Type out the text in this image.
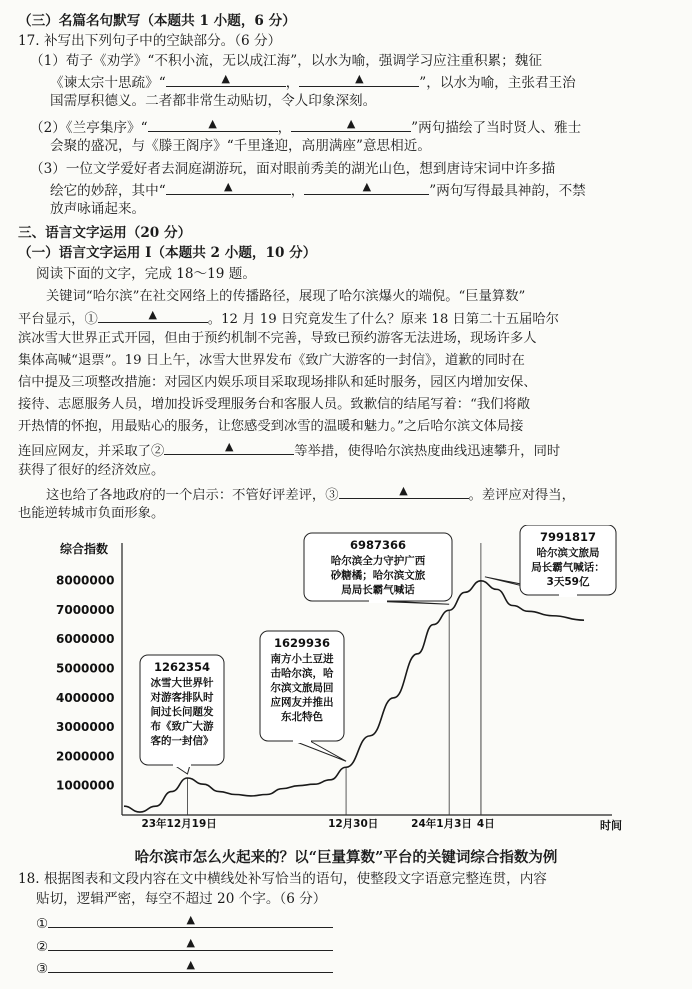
（三）名篇名句默写（本题共 1 小题，6 分）
17. 补写出下列句子中的空缺部分。（6 分）
（1）荀子《劝学》“不积小流，无以成江海”，以水为喻，强调学习应注重积累；魏征
《谏太宗十思疏》“	▲	，	▲	”，以水为喻，主张君王治
国需厚积德义。二者都非常生动贴切，令人印象深刻。
（2）《兰亭集序》“	▲	，	▲	”两句描绘了当时贤人、雅士
会聚的盛况，与《滕王阁序》“千里逢迎，高朋满座”意思相近。
（3）一位文学爱好者去洞庭湖游玩，面对眼前秀美的湖光山色，想到唐诗宋词中许多描
绘它的妙辞，其中“	▲	，	▲	”两句写得最具神韵，不禁
放声咏诵起来。
三、语言文字运用（20 分）
（一）语言文字运用 Ⅰ（本题共 2 小题，10 分）
阅读下面的文字，完成 18～19 题。
关键词“哈尔滨”在社交网络上的传播路径，展现了哈尔滨爆火的端倪。“巨量算数”
平台显示，①	▲	。12 月 19 日究竟发生了什么？原来 18 日第二十五届哈尔
滨冰雪大世界正式开园，但由于预约机制不完善，导致已预约游客无法进场，现场许多人
集体高喊“退票”。19 日上午，冰雪大世界发布《致广大游客的一封信》，道歉的同时在
信中提及三项整改措施：对园区内娱乐项目采取现场排队和延时服务，园区内增加安保、
接待、志愿服务人员，增加投诉受理服务台和客服人员。致歉信的结尾写着：“我们将敞
开热情的怀抱，用最贴心的服务，让您感受到冰雪的温暖和魅力。”之后哈尔滨文体局接
连回应网友，并采取了②	▲	等举措，使得哈尔滨热度曲线迅速攀升，同时
获得了很好的经济效应。
这也给了各地政府的一个启示：不管好评差评，③	▲	。差评应对得当，
也能逆转城市负面形象。
综合指数
时间
1000000
2000000
3000000
4000000
5000000
6000000
7000000
8000000
23年12月19日	12月30日	24年1月3日 4日
1262354
冰雪大世界针
对游客排队时
间过长问题发
布《致广大游
客的一封信》
1629936
南方小土豆进
击哈尔滨，哈
尔滨文旅局回
应网友并推出
东北特色
6987366
哈尔滨全力守护广西
砂糖橘；哈尔滨文旅
局局长霸气喊话
7991817
哈尔滨文旅局
局长霸气喊话：
3天59亿
哈尔滨市怎么火起来的？以“巨量算数”平台的关键词综合指数为例
18. 根据图表和文段内容在文中横线处补写恰当的语句，使整段文字语意完整连贯，内容
贴切，逻辑严密，每空不超过 20 个字。（6 分）
①	▲
②	▲
③	▲
